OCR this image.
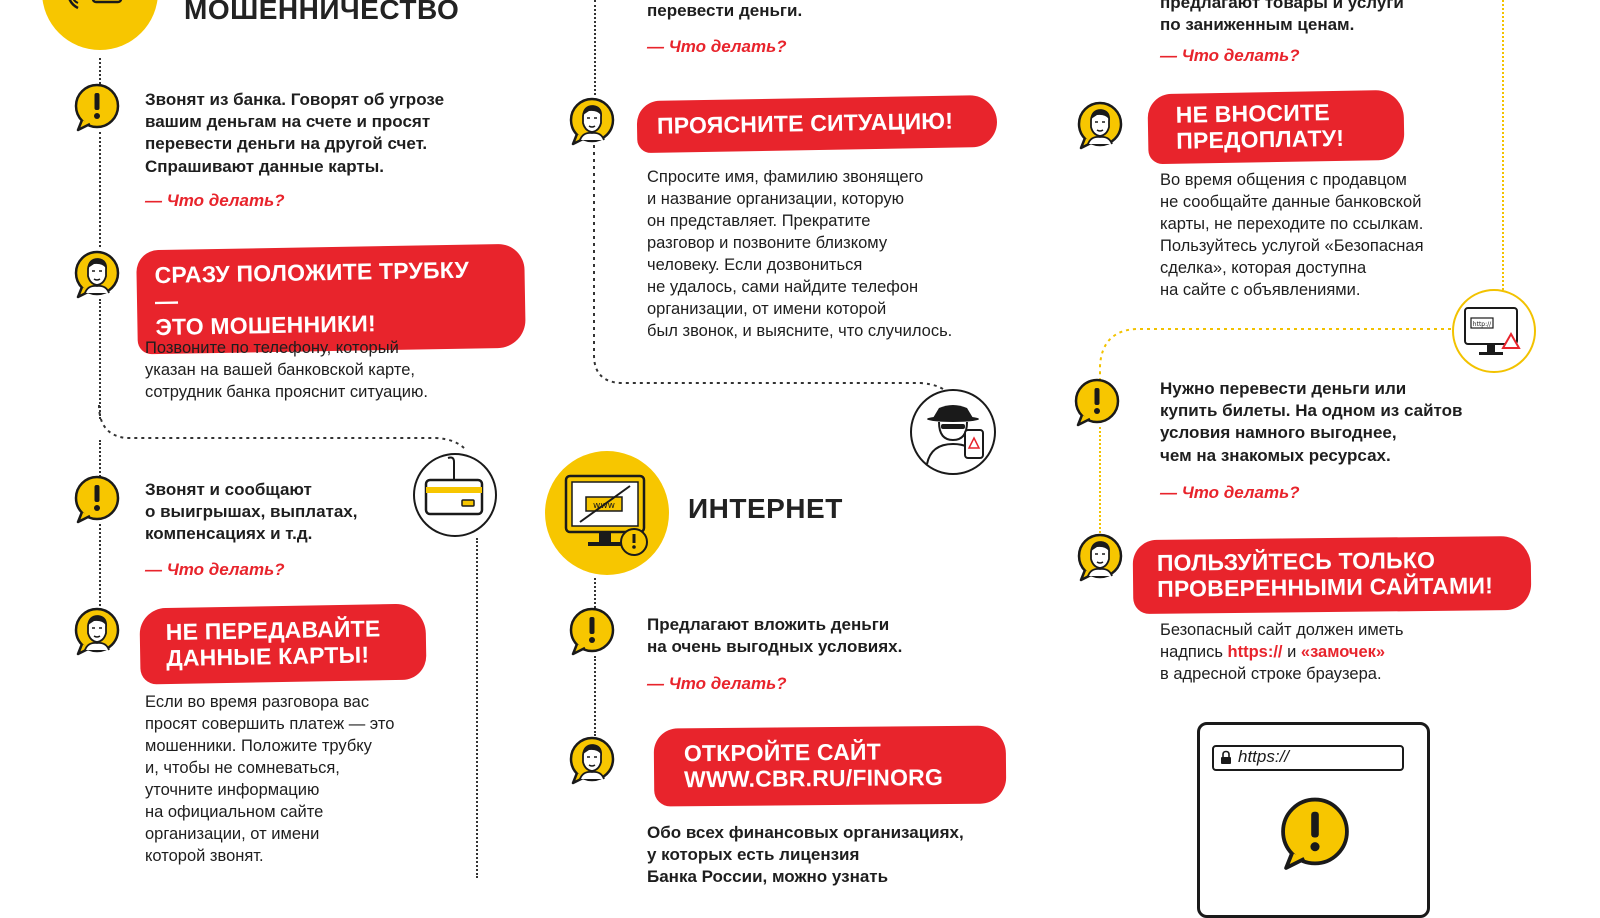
МОШЕННИЧЕСТВО
Звонят из банка. Говорят об угрозе
вашим деньгам на счете и просят
перевести деньги на другой счет.
Спрашивают данные карты.
— Что делать?
СРАЗУ ПОЛОЖИТЕ ТРУБКУ —
ЭТО МОШЕННИКИ!
Позвоните по телефону, который
указан на вашей банковской карте,
сотрудник банка прояснит ситуацию.
Звонят и сообщают
о выигрышах, выплатах,
компенсациях и т.д.
— Что делать?
НЕ ПЕРЕДАВАЙТЕ
ДАННЫЕ КАРТЫ!
Если во время разговора вас
просят совершить платеж — это
мошенники. Положите трубку
и, чтобы не сомневаться,
уточните информацию
на официальном сайте
организации, от имени
которой звонят.
перевести деньги.
— Что делать?
ПРОЯСНИТЕ СИТУАЦИЮ!
Спросите имя, фамилию звонящего
и название организации, которую
он представляет. Прекратите
разговор и позвоните близкому
человеку. Если дозвониться
не удалось, сами найдите телефон
организации, от имени которой
был звонок, и выясните, что случилось.
www	ИНТЕРНЕТ
Предлагают вложить деньги
на очень выгодных условиях.
— Что делать?
ОТКРОЙТЕ САЙТ
WWW.CBR.RU/FINORG
Обо всех финансовых организациях,
у которых есть лицензия
Банка России, можно узнать
предлагают товары и услуги
по заниженным ценам.
— Что делать?
НЕ ВНОСИТЕ
ПРЕДОПЛАТУ!
Во время общения с продавцом
не сообщайте данные банковской
карты, не переходите по ссылкам.
Пользуйтесь услугой «Безопасная
сделка», которая доступна
на сайте с объявлениями.
http://
Нужно перевести деньги или
купить билеты. На одном из сайтов
условия намного выгоднее,
чем на знакомых ресурсах.
— Что делать?
ПОЛЬЗУЙТЕСЬ ТОЛЬКО
ПРОВЕРЕННЫМИ САЙТАМИ!
Безопасный сайт должен иметь
надпись https:// и «замочек»
в адресной строке браузера.
https://
